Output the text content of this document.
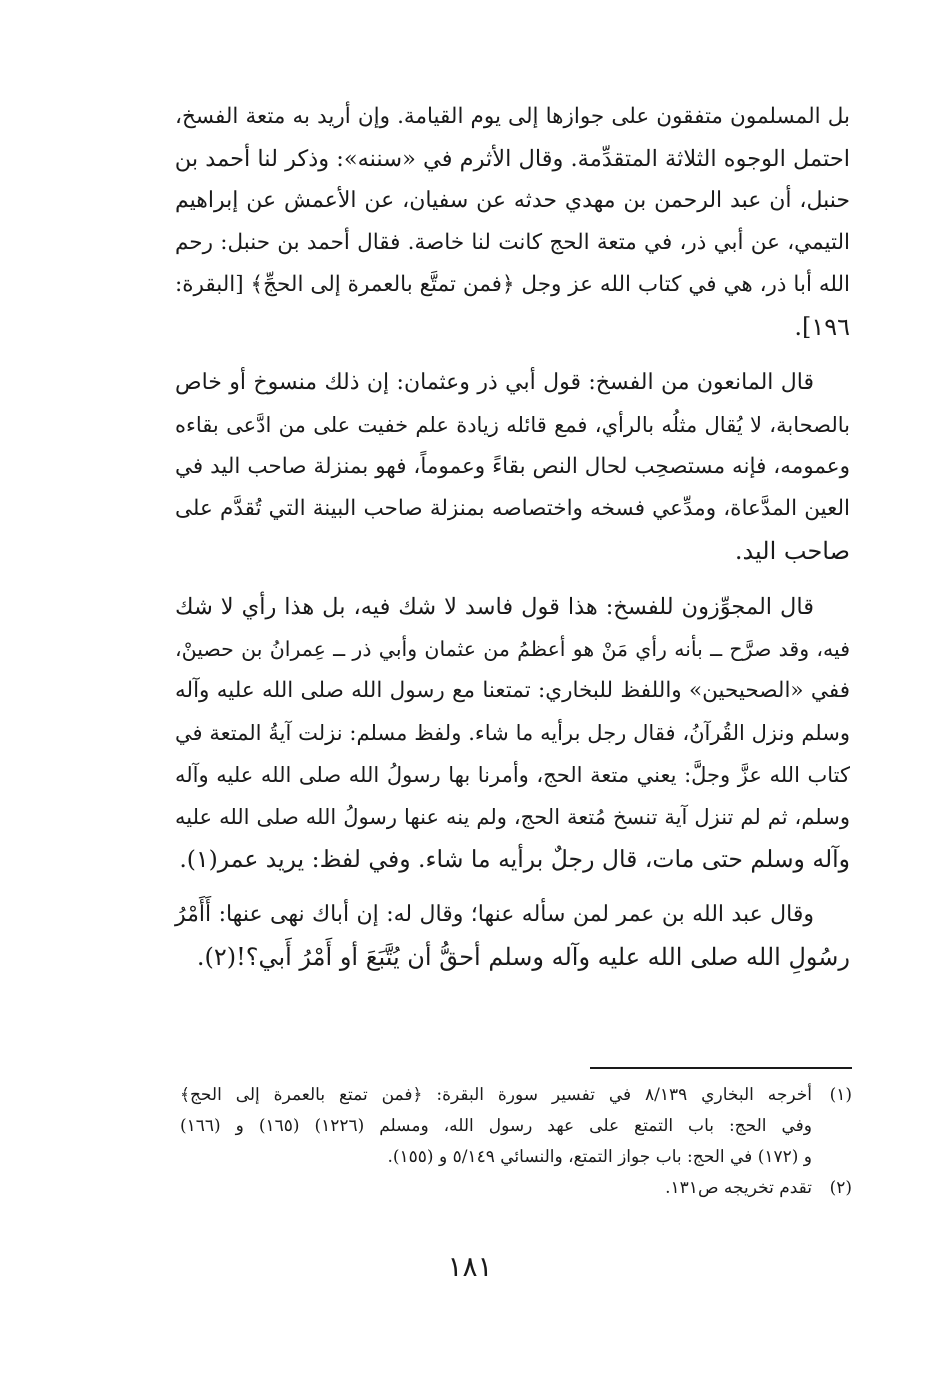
بل المسلمون متفقون على جوازها إلى يوم القيامة. وإن أريد به متعة الفسخ،
احتمل الوجوه الثلاثة المتقدِّمة. وقال الأثرم في «سننه»: وذكر لنا أحمد بن
حنبل، أن عبد الرحمن بن مهدي حدثه عن سفيان، عن الأعمش عن إبراهيم
التيمي، عن أبي ذر، في متعة الحج كانت لنا خاصة. فقال أحمد بن حنبل: رحم
الله أبا ذر، هي في كتاب الله عز وجل ﴿فمن تمتَّع بالعمرة إلى الحجِّ﴾ [البقرة:
١٩٦].
قال المانعون من الفسخ: قول أبي ذر وعثمان: إن ذلك منسوخ أو خاص
بالصحابة، لا يُقال مثلُه بالرأي، فمع قائله زيادة علم خفيت على من ادَّعى بقاءه
وعمومه، فإنه مستصحِب لحال النص بقاءً وعموماً، فهو بمنزلة صاحب اليد في
العين المدَّعاة، ومدِّعي فسخه واختصاصه بمنزلة صاحب البينة التي تُقدَّم على
صاحب اليد.
قال المجوِّزون للفسخ: هذا قول فاسد لا شك فيه، بل هذا رأي لا شك
فيه، وقد صرَّح ــ بأنه رأي مَنْ هو أعظمُ من عثمان وأبي ذر ــ عِمرانُ بن حصينْ،
ففي «الصحيحين» واللفظ للبخاري: تمتعنا مع رسول الله صلى الله عليه وآله
وسلم ونزل القُرآنُ، فقال رجل برأيه ما شاء. ولفظ مسلم: نزلت آيةُ المتعة في
كتاب الله عزَّ وجلَّ: يعني متعة الحج، وأمرنا بها رسولُ الله صلى الله عليه وآله
وسلم، ثم لم تنزل آية تنسخ مُتعة الحج، ولم ينه عنها رسولُ الله صلى الله عليه
وآله وسلم حتى مات، قال رجلٌ برأيه ما شاء. وفي لفظ: يريد عمر(١).
وقال عبد الله بن عمر لمن سأله عنها؛ وقال له: إن أباك نهى عنها: أَأَمْرُ
رسُولِ الله صلى الله عليه وآله وسلم أحقُّ أن يُتَّبَعَ أو أَمْرُ أَبي؟!(٢).
(١)
أخرجه البخاري ٨/١٣٩ في تفسير سورة البقرة: ﴿فمن تمتع بالعمرة إلى الحج﴾
وفي الحج: باب التمتع على عهد رسول الله، ومسلم (١٢٢٦) (١٦٥) و (١٦٦)
و (١٧٢) في الحج: باب جواز التمتع، والنسائي ٥/١٤٩ و (١٥٥).
(٢)
تقدم تخريجه ص١٣١.
١٨١
